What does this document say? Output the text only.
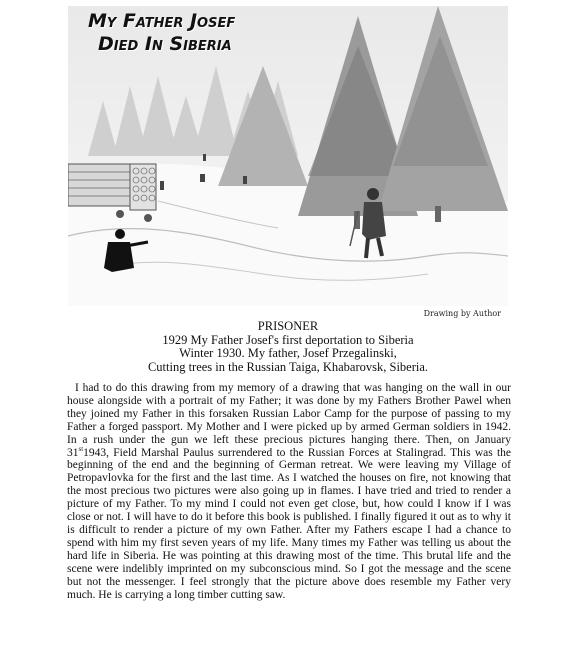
My Father Josef
Died In Siberia
Drawing by Author
PRISONER
1929 My Father Josef's first deportation to Siberia
Winter 1930. My father, Josef Przegalinski,
Cutting trees in the Russian Taiga, Khabarovsk, Siberia.

I had to do this drawing from my memory of a drawing that was hanging on the wall in our house alongside with a portrait of my Father; it was done by my Fathers Brother Pawel when they joined my Father in this forsaken Russian Labor Camp for the purpose of passing to my Father a forged passport. My Mother and I were picked up by armed German soldiers in 1942. In a rush under the gun we left these precious pictures hanging there. Then, on January 31st1943, Field Marshal Paulus surrendered to the Russian Forces at Stalingrad. This was the beginning of the end and the beginning of German retreat. We were leaving my Village of Petropavlovka for the first and the last time. As I watched the houses on fire, not knowing that the most precious two pictures were also going up in flames. I have tried and tried to render a picture of my Father. To my mind I could not even get close, but, how could I know if I was close or not. I will have to do it before this book is published. I finally figured it out as to why it is difficult to render a picture of my own Father. After my Fathers escape I had a chance to spend with him my first seven years of my life. Many times my Father was telling us about the hard life in Siberia. He was pointing at this drawing most of the time. This brutal life and the scene were indelibly imprinted on my subconscious mind. So I got the message and the scene but not the messenger. I feel strongly that the picture above does resemble my Father very much. He is carrying a long timber cutting saw.
